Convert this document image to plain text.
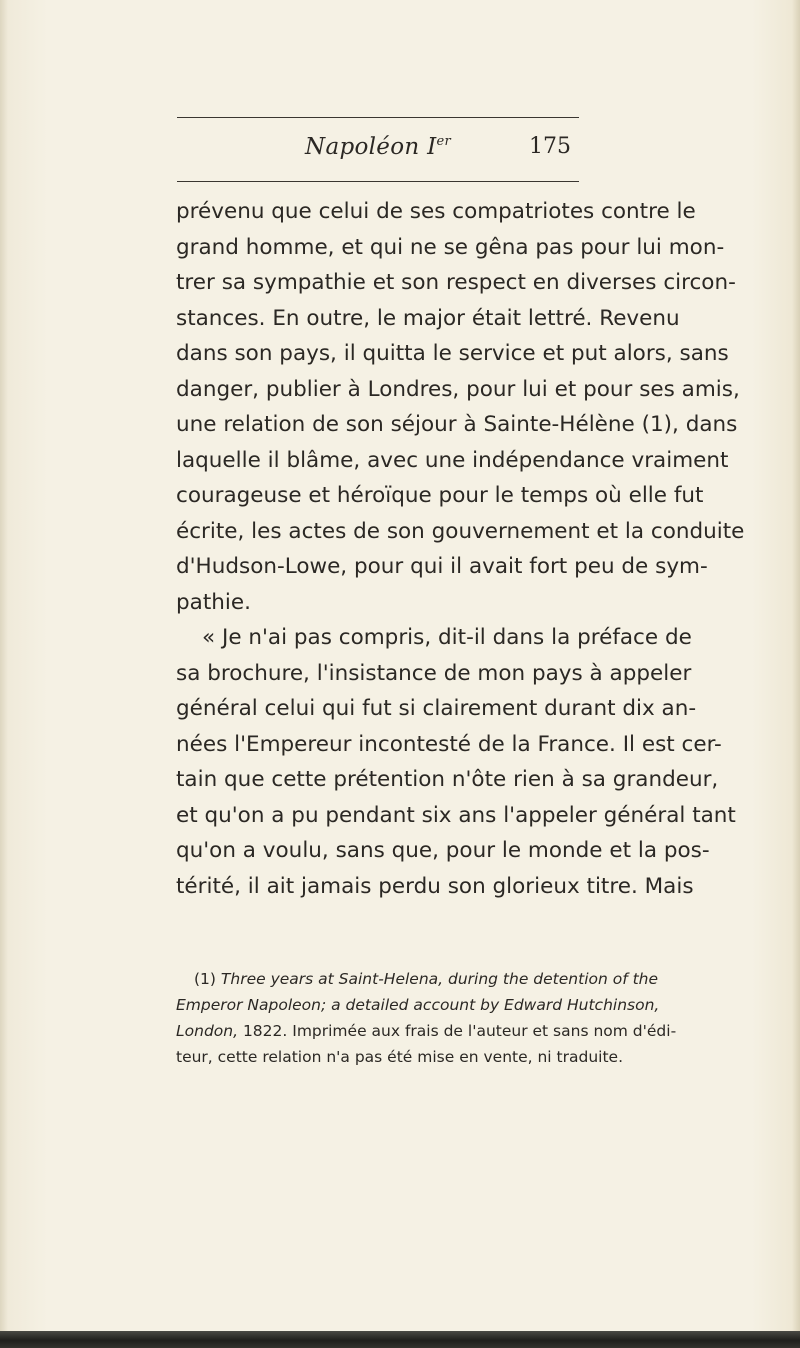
Napoléon Ier	175
prévenu que celui de ses compatriotes contre le
grand homme, et qui ne se gêna pas pour lui mon-
trer sa sympathie et son respect en diverses circon-
stances. En outre, le major était lettré. Revenu
dans son pays, il quitta le service et put alors, sans
danger, publier à Londres, pour lui et pour ses amis,
une relation de son séjour à Sainte-Hélène (1), dans
laquelle il blâme, avec une indépendance vraiment
courageuse et héroïque pour le temps où elle fut
écrite, les actes de son gouvernement et la conduite
d'Hudson-Lowe, pour qui il avait fort peu de sym-
pathie.
« Je n'ai pas compris, dit-il dans la préface de
sa brochure, l'insistance de mon pays à appeler
général celui qui fut si clairement durant dix an-
nées l'Empereur incontesté de la France. Il est cer-
tain que cette prétention n'ôte rien à sa grandeur,
et qu'on a pu pendant six ans l'appeler général tant
qu'on a voulu, sans que, pour le monde et la pos-
térité, il ait jamais perdu son glorieux titre. Mais
(1) Three years at Saint-Helena, during the detention of the
Emperor Napoleon; a detailed account by Edward Hutchinson,
London, 1822. Imprimée aux frais de l'auteur et sans nom d'édi-
teur, cette relation n'a pas été mise en vente, ni traduite.
